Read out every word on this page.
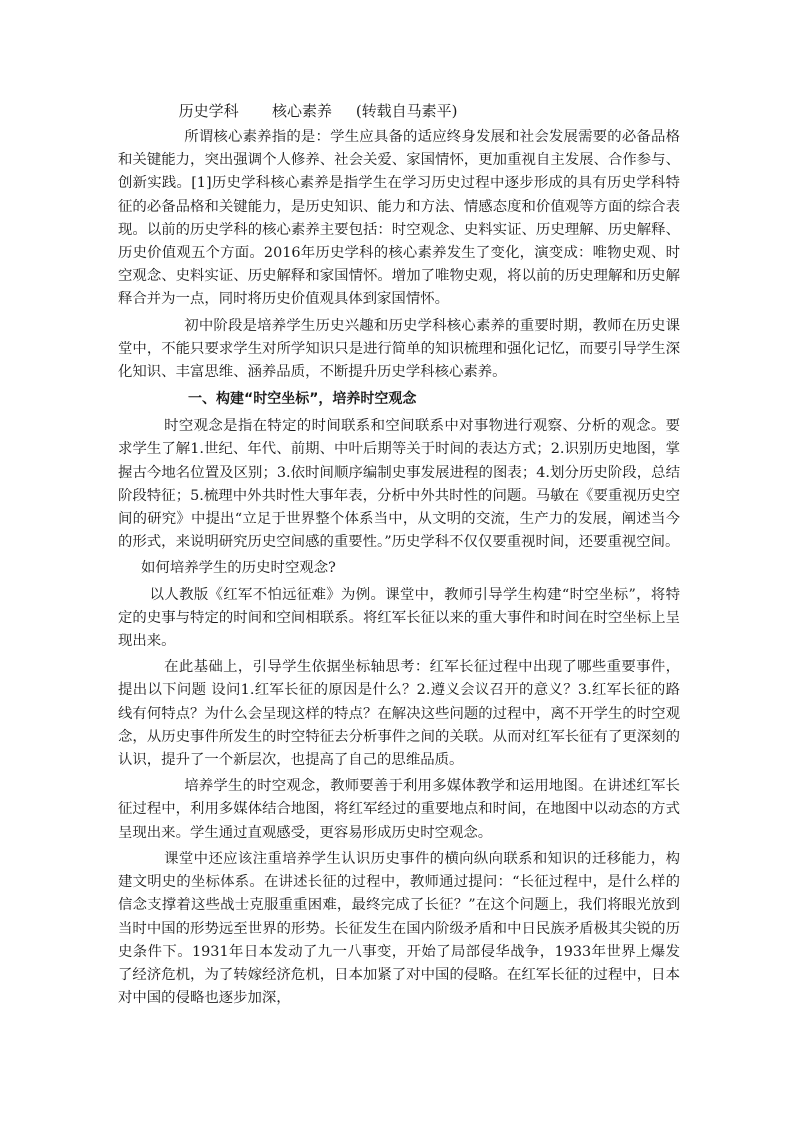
历史学科       核心素养     (转载自马素平)

所谓核心素养指的是：学生应具备的适应终身发展和社会发展需要的必备品格和关键能力，突出强调个人修养、社会关爱、家国情怀，更加重视自主发展、合作参与、创新实践。[1]历史学科核心素养是指学生在学习历史过程中逐步形成的具有历史学科特征的必备品格和关键能力，是历史知识、能力和方法、情感态度和价值观等方面的综合表现。以前的历史学科的核心素养主要包括：时空观念、史料实证、历史理解、历史解释、历史价值观五个方面。2016年历史学科的核心素养发生了变化，演变成：唯物史观、时空观念、史料实证、历史解释和家国情怀。增加了唯物史观，将以前的历史理解和历史解释合并为一点，同时将历史价值观具体到家国情怀。

初中阶段是培养学生历史兴趣和历史学科核心素养的重要时期，教师在历史课堂中，不能只要求学生对所学知识只是进行简单的知识梳理和强化记忆，而要引导学生深化知识、丰富思维、涵养品质，不断提升历史学科核心素养。

一、构建“时空坐标”，培养时空观念

时空观念是指在特定的时间联系和空间联系中对事物进行观察、分析的观念。要求学生了解1.世纪、年代、前期、中叶后期等关于时间的表达方式；2.识别历史地图，掌握古今地名位置及区别；3.依时间顺序编制史事发展进程的图表；4.划分历史阶段，总结阶段特征；5.梳理中外共时性大事年表，分析中外共时性的问题。马敏在《要重视历史空间的研究》中提出“立足于世界整个体系当中，从文明的交流，生产力的发展，阐述当今的形式，来说明研究历史空间感的重要性。”历史学科不仅仅要重视时间，还要重视空间。

如何培养学生的历史时空观念?

以人教版《红军不怕远征难》为例。课堂中，教师引导学生构建“时空坐标”，将特定的史事与特定的时间和空间相联系。将红军长征以来的重大事件和时间在时空坐标上呈现出来。

在此基础上，引导学生依据坐标轴思考：红军长征过程中出现了哪些重要事件，提出以下问题 设问1.红军长征的原因是什么？2.遵义会议召开的意义？3.红军长征的路线有何特点？为什么会呈现这样的特点？在解决这些问题的过程中，离不开学生的时空观念，从历史事件所发生的时空特征去分析事件之间的关联。从而对红军长征有了更深刻的认识，提升了一个新层次，也提高了自己的思维品质。

培养学生的时空观念，教师要善于利用多媒体教学和运用地图。在讲述红军长征过程中，利用多媒体结合地图，将红军经过的重要地点和时间，在地图中以动态的方式呈现出来。学生通过直观感受，更容易形成历史时空观念。

课堂中还应该注重培养学生认识历史事件的横向纵向联系和知识的迁移能力，构建文明史的坐标体系。在讲述长征的过程中，教师通过提问：“长征过程中，是什么样的信念支撑着这些战士克服重重困难，最终完成了长征？”在这个问题上，我们将眼光放到当时中国的形势远至世界的形势。长征发生在国内阶级矛盾和中日民族矛盾极其尖锐的历史条件下。1931年日本发动了九一八事变，开始了局部侵华战争，1933年世界上爆发了经济危机，为了转嫁经济危机，日本加紧了对中国的侵略。在红军长征的过程中，日本对中国的侵略也逐步加深，
